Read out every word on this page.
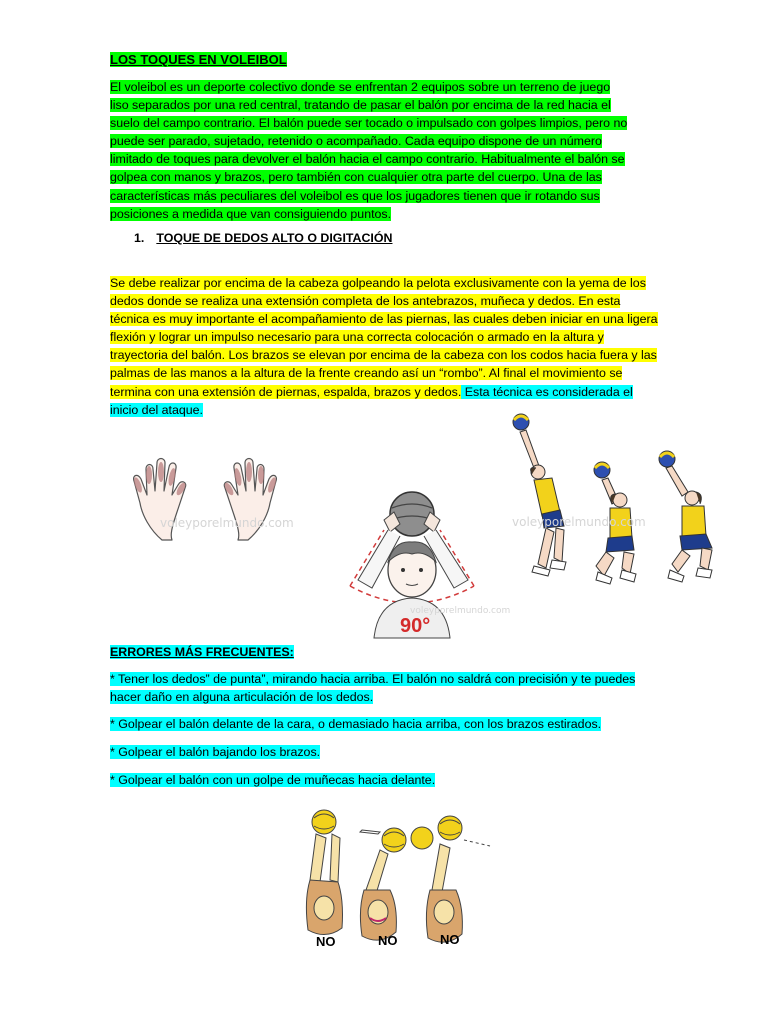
LOS TOQUES EN VOLEIBOL
El voleibol es un deporte colectivo donde se enfrentan 2 equipos sobre un terreno de juego liso separados por una red central, tratando de pasar el balón por encima de la red hacia el suelo del campo contrario. El balón puede ser tocado o impulsado con golpes limpios, pero no puede ser parado, sujetado, retenido o acompañado. Cada equipo dispone de un número limitado de toques para devolver el balón hacia el campo contrario. Habitualmente el balón se golpea con manos y brazos, pero también con cualquier otra parte del cuerpo. Una de las características más peculiares del voleibol es que los jugadores tienen que ir rotando sus posiciones a medida que van consiguiendo puntos.
1. TOQUE DE DEDOS ALTO O DIGITACIÓN
Se debe realizar por encima de la cabeza golpeando la pelota exclusivamente con la yema de los dedos donde se realiza una extensión completa de los antebrazos, muñeca y dedos. En esta técnica es muy importante el acompañamiento de las piernas, las cuales deben iniciar en una ligera flexión y lograr un impulso necesario para una correcta colocación o armado en la altura y trayectoria del balón. Los brazos se elevan por encima de la cabeza con los codos hacia fuera y las palmas de las manos a la altura de la frente creando así un “rombo”. Al final el movimiento se termina con una extensión de piernas, espalda, brazos y dedos. Esta técnica es considerada el inicio del ataque.
voleyporelmundo.com
voleyporelmundo.com
90°
voleyporelmundo.com
ERRORES MÁS FRECUENTES:
* Tener los dedos” de punta”, mirando hacia arriba. El balón no saldrá con precisión y te puedes hacer daño en alguna articulación de los dedos.
* Golpear el balón delante de la cara, o demasiado hacia arriba, con los brazos estirados.
* Golpear el balón bajando los brazos.
* Golpear el balón con un golpe de muñecas hacia delante.
NO	NO	NO
